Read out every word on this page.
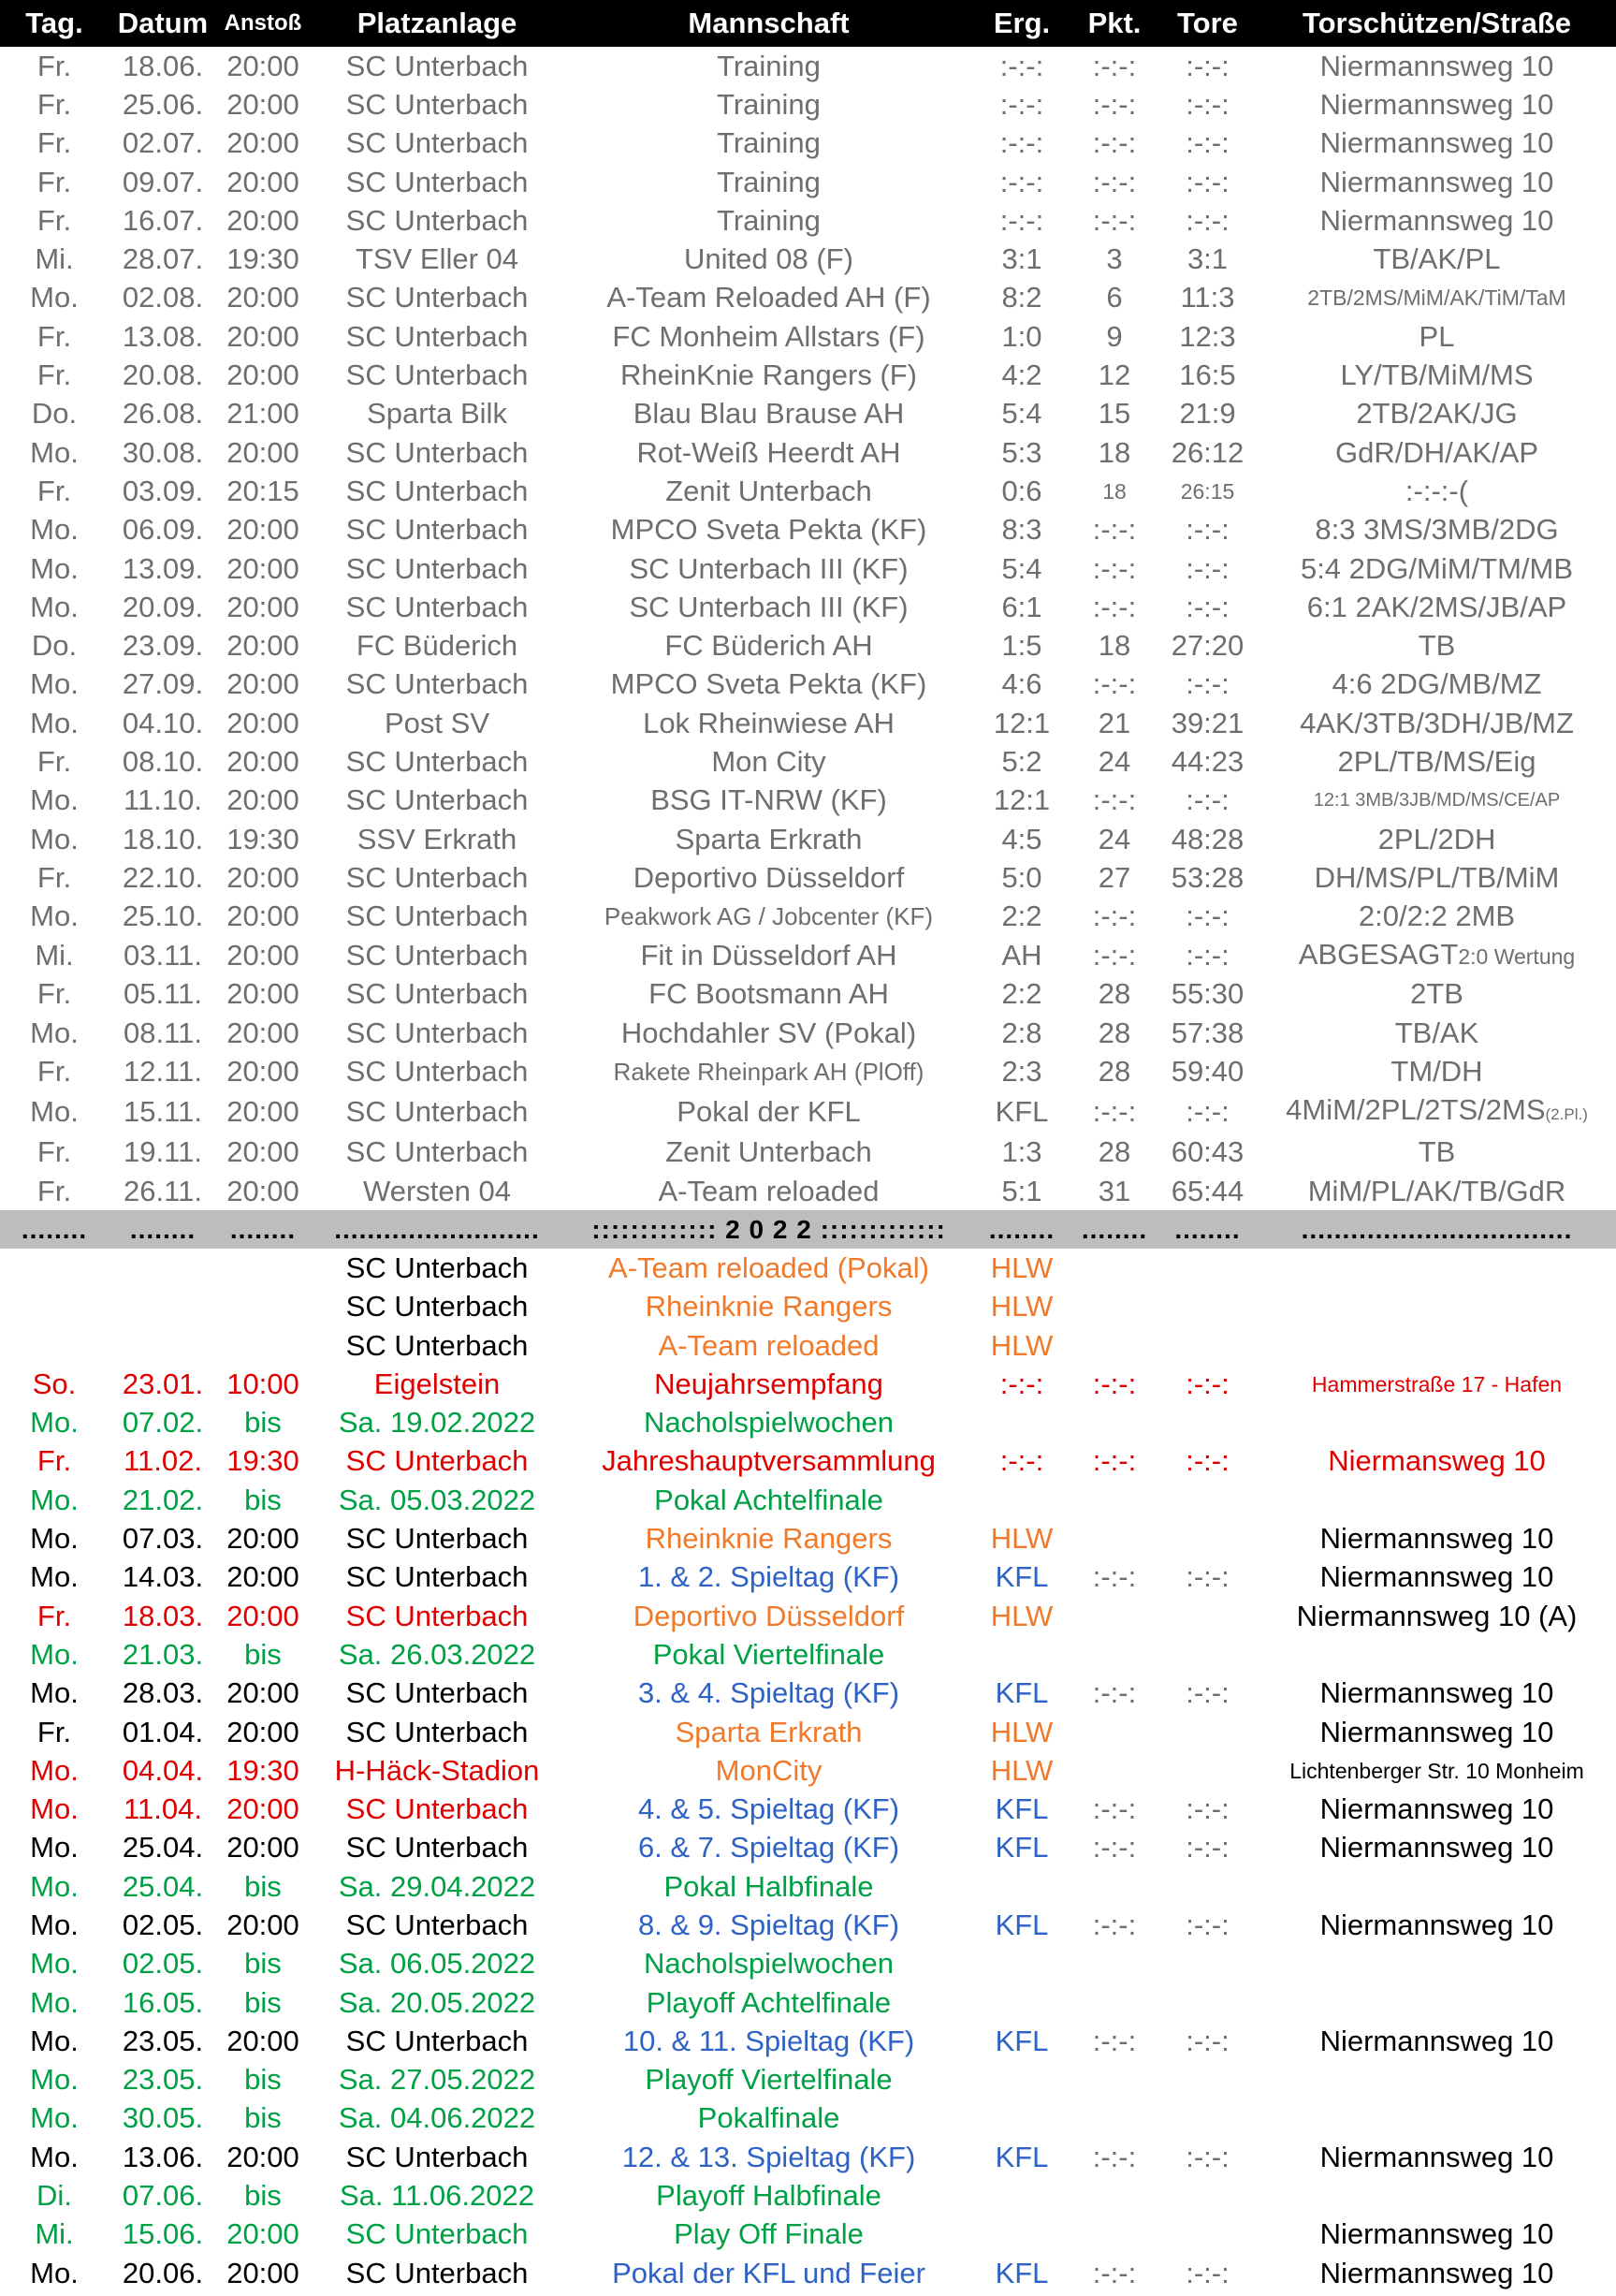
Tag.	Datum	Anstoß	Platzanlage	Mannschaft	Erg.	Pkt.	Tore	Torschützen/Straße
Fr.	18.06.	20:00	SC Unterbach	Training	:-:-:	:-:-:	:-:-:	Niermannsweg 10
Fr.	25.06.	20:00	SC Unterbach	Training	:-:-:	:-:-:	:-:-:	Niermannsweg 10
Fr.	02.07.	20:00	SC Unterbach	Training	:-:-:	:-:-:	:-:-:	Niermannsweg 10
Fr.	09.07.	20:00	SC Unterbach	Training	:-:-:	:-:-:	:-:-:	Niermannsweg 10
Fr.	16.07.	20:00	SC Unterbach	Training	:-:-:	:-:-:	:-:-:	Niermannsweg 10
Mi.	28.07.	19:30	TSV Eller 04	United 08 (F)	3:1	3	3:1	TB/AK/PL
Mo.	02.08.	20:00	SC Unterbach	A-Team Reloaded AH (F)	8:2	6	11:3	2TB/2MS/MiM/AK/TiM/TaM
Fr.	13.08.	20:00	SC Unterbach	FC Monheim Allstars (F)	1:0	9	12:3	PL
Fr.	20.08.	20:00	SC Unterbach	RheinKnie Rangers (F)	4:2	12	16:5	LY/TB/MiM/MS
Do.	26.08.	21:00	Sparta Bilk	Blau Blau Brause AH	5:4	15	21:9	2TB/2AK/JG
Mo.	30.08.	20:00	SC Unterbach	Rot-Weiß Heerdt AH	5:3	18	26:12	GdR/DH/AK/AP
Fr.	03.09.	20:15	SC Unterbach	Zenit Unterbach	0:6	18	26:15	:-:-:-(
Mo.	06.09.	20:00	SC Unterbach	MPCO Sveta Pekta (KF)	8:3	:-:-:	:-:-:	8:3 3MS/3MB/2DG
Mo.	13.09.	20:00	SC Unterbach	SC Unterbach III (KF)	5:4	:-:-:	:-:-:	5:4 2DG/MiM/TM/MB
Mo.	20.09.	20:00	SC Unterbach	SC Unterbach III (KF)	6:1	:-:-:	:-:-:	6:1 2AK/2MS/JB/AP
Do.	23.09.	20:00	FC Büderich	FC Büderich AH	1:5	18	27:20	TB
Mo.	27.09.	20:00	SC Unterbach	MPCO Sveta Pekta (KF)	4:6	:-:-:	:-:-:	4:6 2DG/MB/MZ
Mo.	04.10.	20:00	Post SV	Lok Rheinwiese AH	12:1	21	39:21	4AK/3TB/3DH/JB/MZ
Fr.	08.10.	20:00	SC Unterbach	Mon City	5:2	24	44:23	2PL/TB/MS/Eig
Mo.	11.10.	20:00	SC Unterbach	BSG IT-NRW (KF)	12:1	:-:-:	:-:-:	12:1 3MB/3JB/MD/MS/CE/AP
Mo.	18.10.	19:30	SSV Erkrath	Sparta Erkrath	4:5	24	48:28	2PL/2DH
Fr.	22.10.	20:00	SC Unterbach	Deportivo Düsseldorf	5:0	27	53:28	DH/MS/PL/TB/MiM
Mo.	25.10.	20:00	SC Unterbach	Peakwork AG / Jobcenter (KF)	2:2	:-:-:	:-:-:	2:0/2:2 2MB
Mi.	03.11.	20:00	SC Unterbach	Fit in Düsseldorf AH	AH	:-:-:	:-:-:	ABGESAGT2:0 Wertung
Fr.	05.11.	20:00	SC Unterbach	FC Bootsmann AH	2:2	28	55:30	2TB
Mo.	08.11.	20:00	SC Unterbach	Hochdahler SV (Pokal)	2:8	28	57:38	TB/AK
Fr.	12.11.	20:00	SC Unterbach	Rakete Rheinpark AH (PlOff)	2:3	28	59:40	TM/DH
Mo.	15.11.	20:00	SC Unterbach	Pokal der KFL	KFL	:-:-:	:-:-:	4MiM/2PL/2TS/2MS(2.Pl.)
Fr.	19.11.	20:00	SC Unterbach	Zenit Unterbach	1:3	28	60:43	TB
Fr.	26.11.	20:00	Wersten 04	A-Team reloaded	5:1	31	65:44	MiM/PL/AK/TB/GdR
........	........	........	.........................	::::::::::::: 2 0 2 2 :::::::::::::	........	........	........	.................................
			SC Unterbach	A-Team reloaded (Pokal)	HLW			
			SC Unterbach	Rheinknie Rangers	HLW			
			SC Unterbach	A-Team reloaded	HLW			
So.	23.01.	10:00	Eigelstein	Neujahrsempfang	:-:-:	:-:-:	:-:-:	Hammerstraße 17 - Hafen
Mo.	07.02.	bis	Sa. 19.02.2022	Nacholspielwochen				
Fr.	11.02.	19:30	SC Unterbach	Jahreshauptversammlung	:-:-:	:-:-:	:-:-:	Niermansweg 10
Mo.	21.02.	bis	Sa. 05.03.2022	Pokal Achtelfinale				
Mo.	07.03.	20:00	SC Unterbach	Rheinknie Rangers	HLW			Niermannsweg 10
Mo.	14.03.	20:00	SC Unterbach	1. & 2. Spieltag (KF)	KFL	:-:-:	:-:-:	Niermannsweg 10
Fr.	18.03.	20:00	SC Unterbach	Deportivo Düsseldorf	HLW			Niermannsweg 10 (A)
Mo.	21.03.	bis	Sa. 26.03.2022	Pokal Viertelfinale				
Mo.	28.03.	20:00	SC Unterbach	3. & 4. Spieltag (KF)	KFL	:-:-:	:-:-:	Niermannsweg 10
Fr.	01.04.	20:00	SC Unterbach	Sparta Erkrath	HLW			Niermannsweg 10
Mo.	04.04.	19:30	H-Häck-Stadion	MonCity	HLW			Lichtenberger Str. 10 Monheim
Mo.	11.04.	20:00	SC Unterbach	4. & 5. Spieltag (KF)	KFL	:-:-:	:-:-:	Niermannsweg 10
Mo.	25.04.	20:00	SC Unterbach	6. & 7. Spieltag (KF)	KFL	:-:-:	:-:-:	Niermannsweg 10
Mo.	25.04.	bis	Sa. 29.04.2022	Pokal Halbfinale				
Mo.	02.05.	20:00	SC Unterbach	8. & 9. Spieltag (KF)	KFL	:-:-:	:-:-:	Niermannsweg 10
Mo.	02.05.	bis	Sa. 06.05.2022	Nacholspielwochen				
Mo.	16.05.	bis	Sa. 20.05.2022	Playoff Achtelfinale				
Mo.	23.05.	20:00	SC Unterbach	10. & 11. Spieltag (KF)	KFL	:-:-:	:-:-:	Niermannsweg 10
Mo.	23.05.	bis	Sa. 27.05.2022	Playoff Viertelfinale				
Mo.	30.05.	bis	Sa. 04.06.2022	Pokalfinale				
Mo.	13.06.	20:00	SC Unterbach	12. & 13. Spieltag (KF)	KFL	:-:-:	:-:-:	Niermannsweg 10
Di.	07.06.	bis	Sa. 11.06.2022	Playoff Halbfinale				
Mi.	15.06.	20:00	SC Unterbach	Play Off Finale				Niermannsweg 10
Mo.	20.06.	20:00	SC Unterbach	Pokal der KFL und Feier	KFL	:-:-:	:-:-:	Niermannsweg 10
